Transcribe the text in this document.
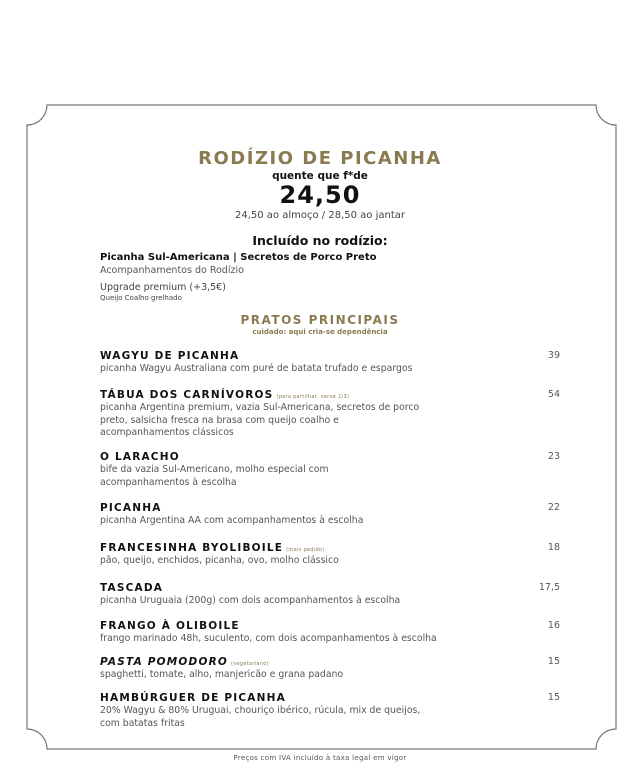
RODÍZIO DE PICANHA
quente que f*de
24,50
24,50 ao almoço / 28,50 ao jantar
Incluído no rodízio:
Picanha Sul-Americana | Secretos de Porco Preto
Acompanhamentos do Rodízio
Upgrade premium (+3,5€)
Queijo Coalho grelhado
PRATOS PRINCIPAIS
cuidado: aqui cria-se dependência
WAGYU DE PICANHA
picanha Wagyu Australiana com puré de batata trufado e espargos
39
TÁBUA DOS CARNÍVOROS (para partilhar, serve 2/3)
picanha Argentina premium, vazia Sul-Americana, secretos de porco preto, salsicha fresca na brasa com queijo coalho e acompanhamentos clássicos
54
O LARACHO
bife da vazia Sul-Americano, molho especial com acompanhamentos à escolha
23
PICANHA
picanha Argentina AA com acompanhamentos à escolha
22
FRANCESINHA BYOLIBOILE (mais pedido)
pão, queijo, enchidos, picanha, ovo, molho clássico
18
TASCADA
picanha Uruguaia (200g) com dois acompanhamentos à escolha
17,5
FRANGO À OLIBOILE
frango marinado 48h, suculento, com dois acompanhamentos à escolha
16
PASTA POMODORO (vegetariano)
spaghetti, tomate, alho, manjericão e grana padano
15
HAMBÚRGUER DE PICANHA
20% Wagyu & 80% Uruguai, chouriço ibérico, rúcula, mix de queijos, com batatas fritas
15
Preços com IVA incluído à taxa legal em vigor
